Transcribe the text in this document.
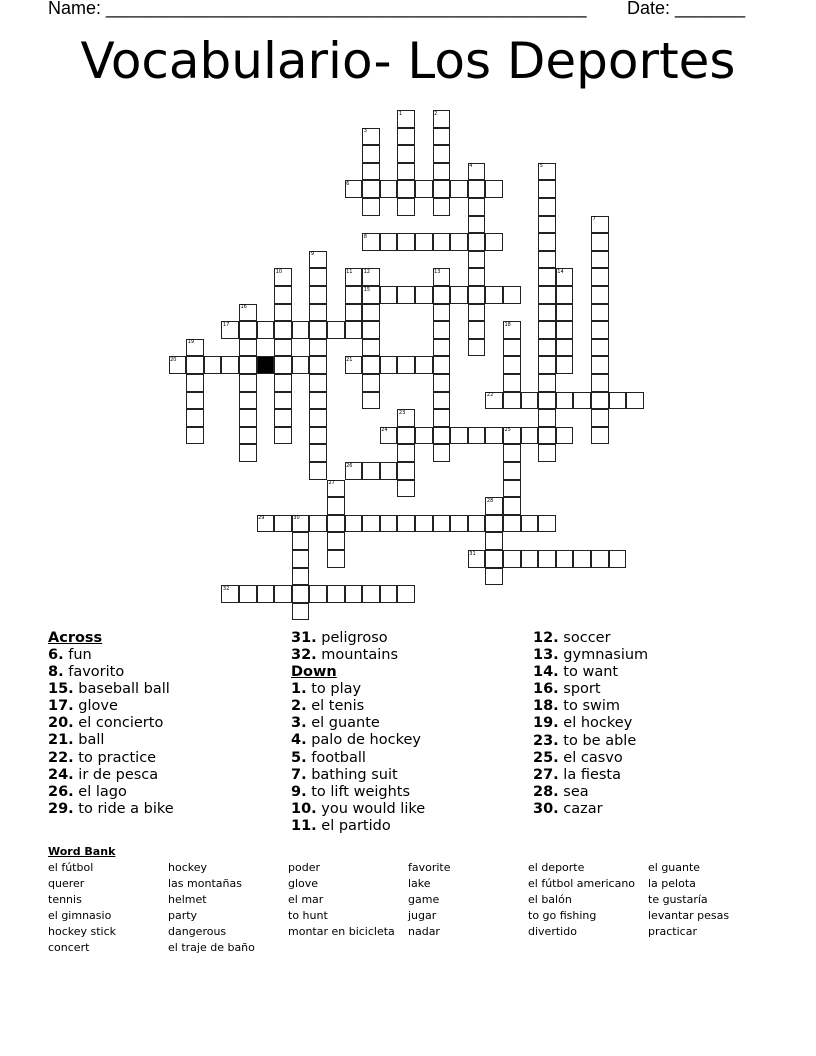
Name: ________________________________________________ Date: _______
Vocabulario- Los Deportes
1	2
3
4	5
6
7
8
9
10	11 12	13	14
15
16
17	18
19
20	21
22
23
24	25
26
27
28
29	30
31
32
Across
6. fun
8. favorito
15. baseball ball
17. glove
20. el concierto
21. ball
22. to practice
24. ir de pesca
26. el lago
29. to ride a bike
31. peligroso
32. mountains
Down
1. to play
2. el tenis
3. el guante
4. palo de hockey
5. football
7. bathing suit
9. to lift weights
10. you would like
11. el partido
12. soccer
13. gymnasium
14. to want
16. sport
18. to swim
19. el hockey
23. to be able
25. el casvo
27. la fiesta
28. sea
30. cazar
Word Bank
el fútbol
querer
tennis
el gimnasio
hockey stick
concert
hockey
las montañas
helmet
party
dangerous
el traje de baño
poder
glove
el mar
to hunt
montar en bicicleta
favorite
lake
game
jugar
nadar
el deporte
el fútbol americano
el balón
to go fishing
divertido
el guante
la pelota
te gustaría
levantar pesas
practicar
